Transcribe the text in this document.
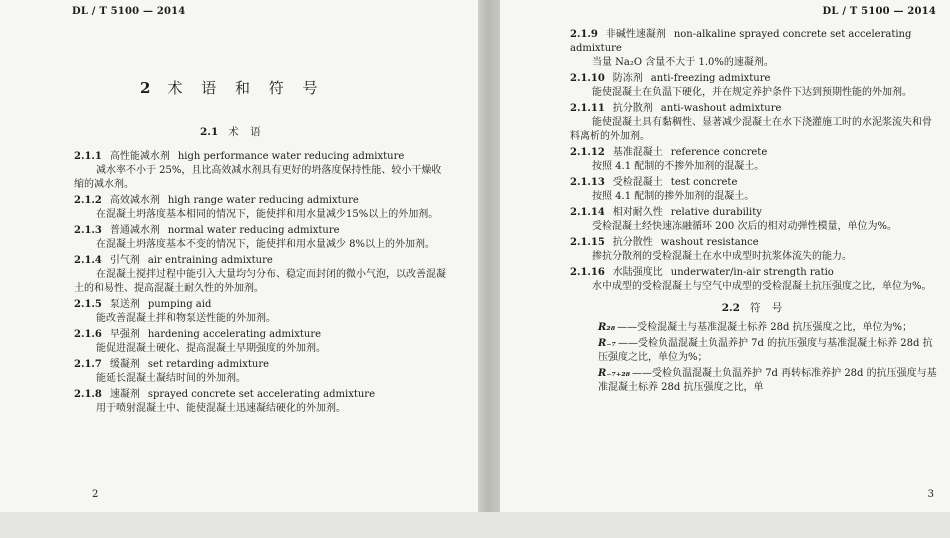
DL / T 5100 — 2014
2 术 语 和 符 号
2.1 术 语
2.1.1 高性能减水剂 high performance water reducing admixture
减水率不小于 25%，且比高效减水剂具有更好的坍落度保持性能、较小干燥收缩的减水剂。
2.1.2 高效减水剂 high range water reducing admixture
在混凝土坍落度基本相同的情况下，能使拌和用水量减少15%以上的外加剂。
2.1.3 普通减水剂 normal water reducing admixture
在混凝土坍落度基本不变的情况下，能使拌和用水量减少 8%以上的外加剂。
2.1.4 引气剂 air entraining admixture
在混凝土搅拌过程中能引入大量均匀分布、稳定而封闭的微小气泡，以改善混凝土的和易性、提高混凝土耐久性的外加剂。
2.1.5 泵送剂 pumping aid
能改善混凝土拌和物泵送性能的外加剂。
2.1.6 早强剂 hardening accelerating admixture
能促进混凝土硬化、提高混凝土早期强度的外加剂。
2.1.7 缓凝剂 set retarding admixture
能延长混凝土凝结时间的外加剂。
2.1.8 速凝剂 sprayed concrete set accelerating admixture
用于喷射混凝土中、能使混凝土迅速凝结硬化的外加剂。
2
DL / T 5100 — 2014
2.1.9 非碱性速凝剂 non-alkaline sprayed concrete set accelerating admixture
当量 Na₂O 含量不大于 1.0%的速凝剂。
2.1.10 防冻剂 anti-freezing admixture
能使混凝土在负温下硬化，并在规定养护条件下达到预期性能的外加剂。
2.1.11 抗分散剂 anti-washout admixture
能使混凝土具有黏稠性、显著减少混凝土在水下浇灌施工时的水泥浆流失和骨料离析的外加剂。
2.1.12 基准混凝土 reference concrete
按照 4.1 配制的不掺外加剂的混凝土。
2.1.13 受检混凝土 test concrete
按照 4.1 配制的掺外加剂的混凝土。
2.1.14 相对耐久性 relative durability
受检混凝土经快速冻融循环 200 次后的相对动弹性模量，单位为%。
2.1.15 抗分散性 washout resistance
掺抗分散剂的受检混凝土在水中成型时抗浆体流失的能力。
2.1.16 水陆强度比 underwater/in-air strength ratio
水中成型的受检混凝土与空气中成型的受检混凝土抗压强度之比，单位为%。
2.2 符 号
R₂₈ ——受检混凝土与基准混凝土标养 28d 抗压强度之比，单位为%；
R₋₇ ——受检负温混凝土负温养护 7d 的抗压强度与基准混凝土标养 28d 抗压强度之比，单位为%；
R₋₇₊₂₈ ——受检负温混凝土负温养护 7d 再转标准养护 28d 的抗压强度与基准混凝土标养 28d 抗压强度之比，单
3
